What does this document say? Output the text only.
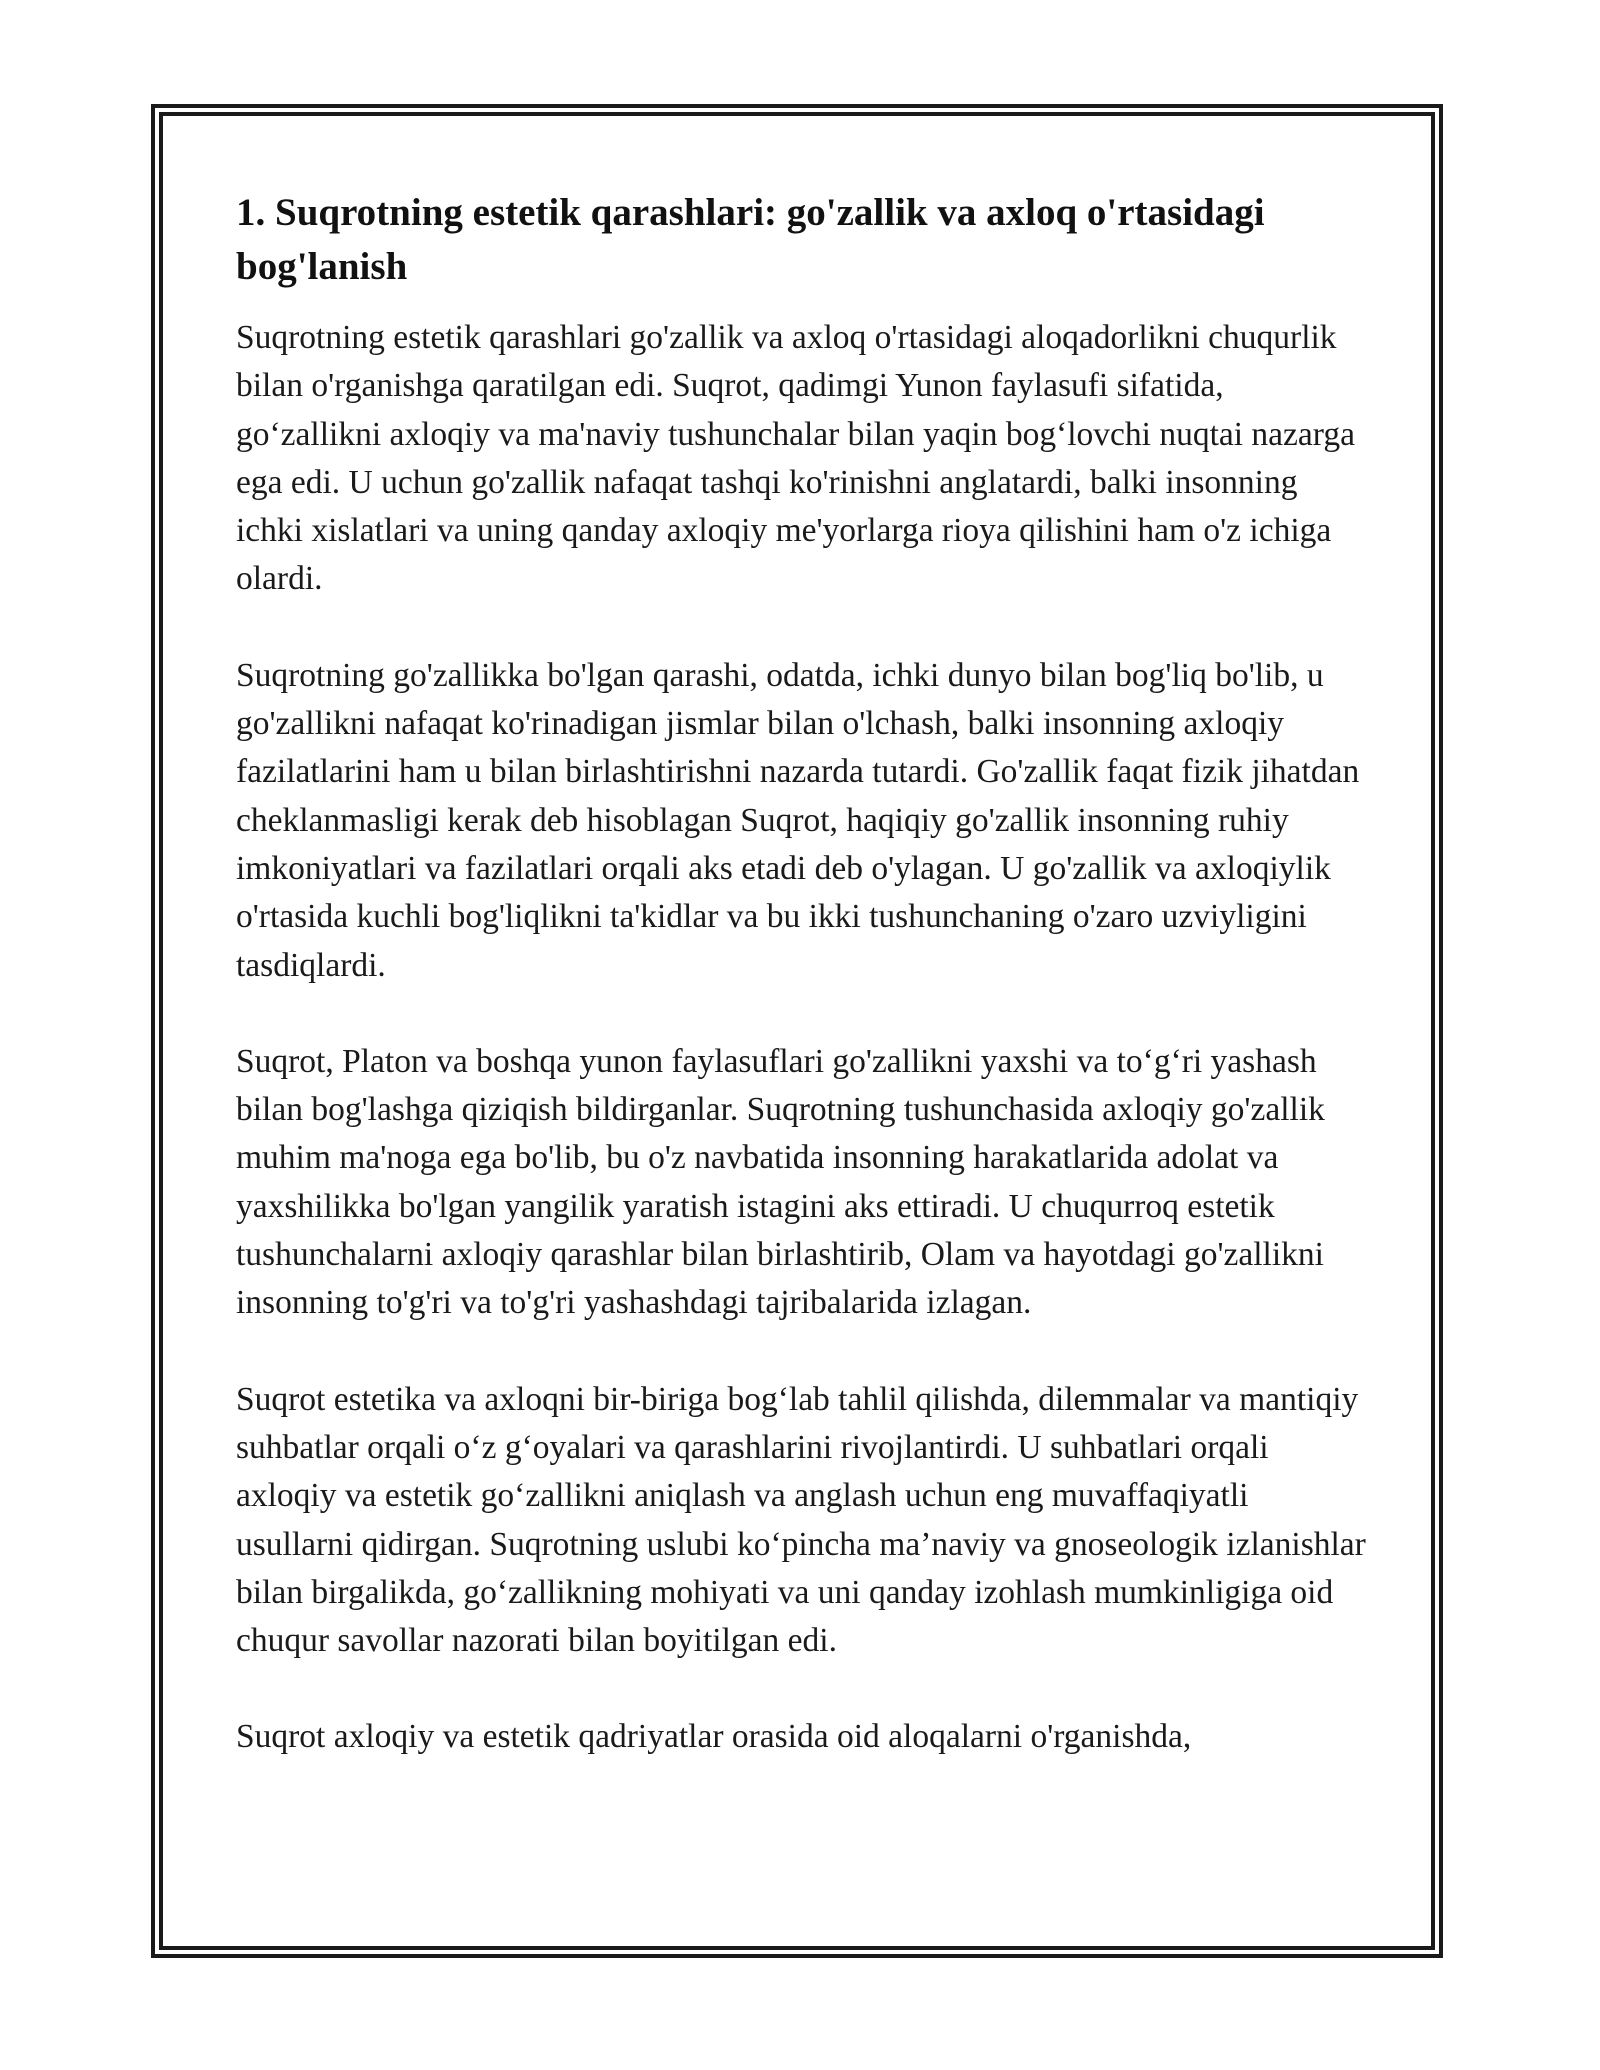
1. Suqrotning estetik qarashlari: go'zallik va axloq o'rtasidagi bog'lanish

Suqrotning estetik qarashlari go'zallik va axloq o'rtasidagi aloqadorlikni chuqurlik bilan o'rganishga qaratilgan edi. Suqrot, qadimgi Yunon faylasufi sifatida, go‘zallikni axloqiy va ma'naviy tushunchalar bilan yaqin bog‘lovchi nuqtai nazarga ega edi. U uchun go'zallik nafaqat tashqi ko'rinishni anglatardi, balki insonning ichki xislatlari va uning qanday axloqiy me'yorlarga rioya qilishini ham o'z ichiga olardi.

Suqrotning go'zallikka bo'lgan qarashi, odatda, ichki dunyo bilan bog'liq bo'lib, u go'zallikni nafaqat ko'rinadigan jismlar bilan o'lchash, balki insonning axloqiy fazilatlarini ham u bilan birlashtirishni nazarda tutardi. Go'zallik faqat fizik jihatdan cheklanmasligi kerak deb hisoblagan Suqrot, haqiqiy go'zallik insonning ruhiy imkoniyatlari va fazilatlari orqali aks etadi deb o'ylagan. U go'zallik va axloqiylik o'rtasida kuchli bog'liqlikni ta'kidlar va bu ikki tushunchaning o'zaro uzviyligini tasdiqlardi.

Suqrot, Platon va boshqa yunon faylasuflari go'zallikni yaxshi va to‘g‘ri yashash bilan bog'lashga qiziqish bildirganlar. Suqrotning tushunchasida axloqiy go'zallik muhim ma'noga ega bo'lib, bu o'z navbatida insonning harakatlarida adolat va yaxshilikka bo'lgan yangilik yaratish istagini aks ettiradi. U chuqurroq estetik tushunchalarni axloqiy qarashlar bilan birlashtirib, Olam va hayotdagi go'zallikni insonning to'g'ri va to'g'ri yashashdagi tajribalarida izlagan.

Suqrot estetika va axloqni bir-biriga bog‘lab tahlil qilishda, dilemmalar va mantiqiy suhbatlar orqali o‘z g‘oyalari va qarashlarini rivojlantirdi. U suhbatlari orqali axloqiy va estetik go‘zallikni aniqlash va anglash uchun eng muvaffaqiyatli usullarni qidirgan. Suqrotning uslubi ko‘pincha ma’naviy va gnoseologik izlanishlar bilan birgalikda, go‘zallikning mohiyati va uni qanday izohlash mumkinligiga oid chuqur savollar nazorati bilan boyitilgan edi.

Suqrot axloqiy va estetik qadriyatlar orasida oid aloqalarni o'rganishda,
